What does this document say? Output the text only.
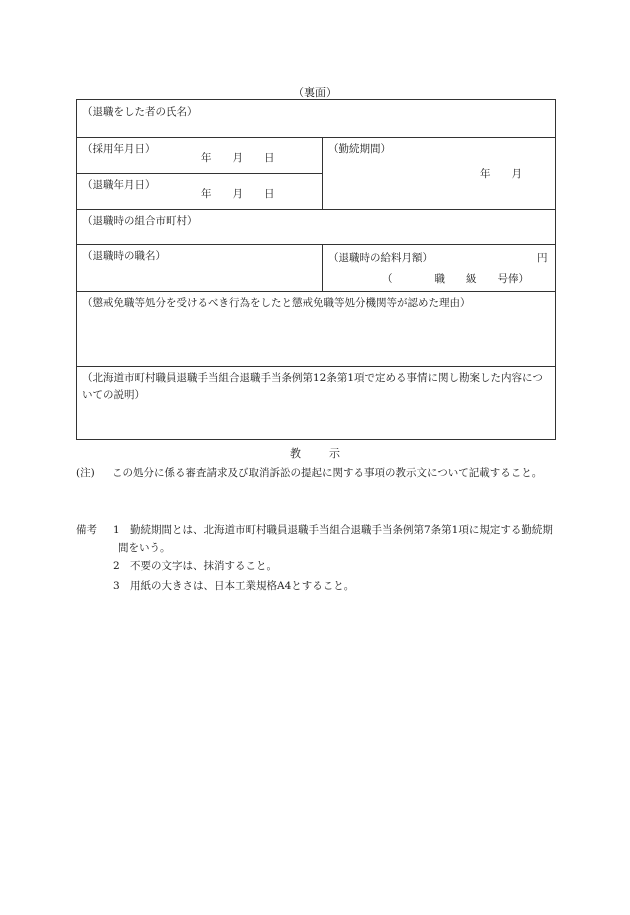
（裏面）
（退職をした者の氏名）
（採用年月日）
年　　月　　日
（退職年月日）
年　　月　　日
（勤続期間）
年　　月
（退職時の組合市町村）
（退職時の職名）	（退職時の給料月額）	円
（　　　　職　　級　　号俸）
（懲戒免職等処分を受けるべき行為をしたと懲戒免職等処分機関等が認めた理由）
（北海道市町村職員退職手当組合退職手当条例第12条第1項で定める事情に関し勘案した内容についての説明）
教示
(注)	この処分に係る審査請求及び取消訴訟の提起に関する事項の教示文について記載すること。
備考 1 勤続期間とは、北海道市町村職員退職手当組合退職手当条例第7条第1項に規定する勤続期間をいう。
2 不要の文字は、抹消すること。
3 用紙の大きさは、日本工業規格A4とすること。
